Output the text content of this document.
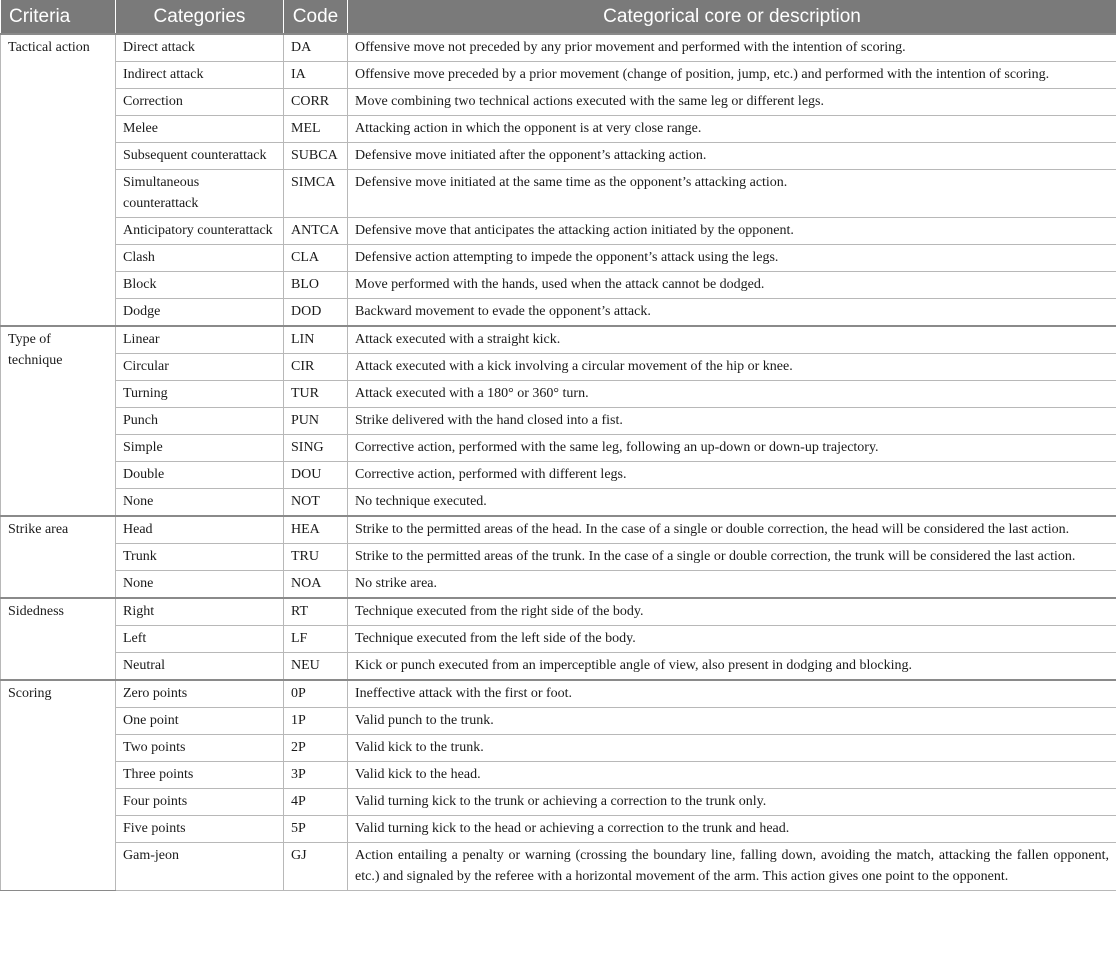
Criteria	Categories	Code	Categorical core or description
Tactical action	Direct attack	DA	Offensive move not preceded by any prior movement and performed with the intention of scoring.
	Indirect attack	IA	Offensive move preceded by a prior movement (change of position, jump, etc.) and performed with the intention of scoring.
	Correction	CORR	Move combining two technical actions executed with the same leg or different legs.
	Melee	MEL	Attacking action in which the opponent is at very close range.
	Subsequent counterattack	SUBCA	Defensive move initiated after the opponent’s attacking action.
	Simultaneous counterattack	SIMCA	Defensive move initiated at the same time as the opponent’s attacking action.
	Anticipatory counterattack	ANTCA	Defensive move that anticipates the attacking action initiated by the opponent.
	Clash	CLA	Defensive action attempting to impede the opponent’s attack using the legs.
	Block	BLO	Move performed with the hands, used when the attack cannot be dodged.
	Dodge	DOD	Backward movement to evade the opponent’s attack.
Type of technique	Linear	LIN	Attack executed with a straight kick.
	Circular	CIR	Attack executed with a kick involving a circular movement of the hip or knee.
	Turning	TUR	Attack executed with a 180° or 360° turn.
	Punch	PUN	Strike delivered with the hand closed into a fist.
	Simple	SING	Corrective action, performed with the same leg, following an up-down or down-up trajectory.
	Double	DOU	Corrective action, performed with different legs.
	None	NOT	No technique executed.
Strike area	Head	HEA	Strike to the permitted areas of the head. In the case of a single or double correction, the head will be considered the last action.
	Trunk	TRU	Strike to the permitted areas of the trunk. In the case of a single or double correction, the trunk will be considered the last action.
	None	NOA	No strike area.
Sidedness	Right	RT	Technique executed from the right side of the body.
	Left	LF	Technique executed from the left side of the body.
	Neutral	NEU	Kick or punch executed from an imperceptible angle of view, also present in dodging and blocking.
Scoring	Zero points	0P	Ineffective attack with the first or foot.
	One point	1P	Valid punch to the trunk.
	Two points	2P	Valid kick to the trunk.
	Three points	3P	Valid kick to the head.
	Four points	4P	Valid turning kick to the trunk or achieving a correction to the trunk only.
	Five points	5P	Valid turning kick to the head or achieving a correction to the trunk and head.
	Gam-jeon	GJ	Action entailing a penalty or warning (crossing the boundary line, falling down, avoiding the match, attacking the fallen opponent, etc.) and signaled by the referee with a horizontal movement of the arm. This action gives one point to the opponent.
